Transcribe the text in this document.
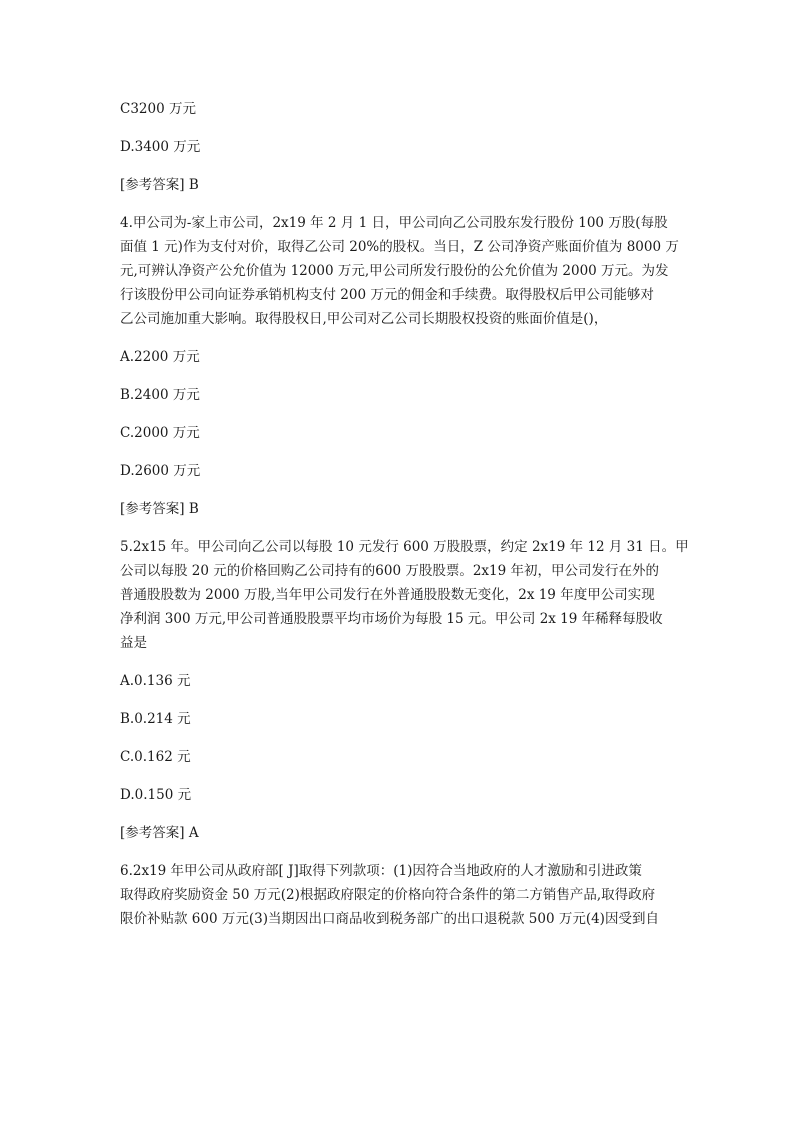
C3200 万元

D.3400 万元

[参考答案] B

4.甲公司为-家上市公司，2x19 年 2 月 1 日，甲公司向乙公司股东发行股份 100 万股(每股

面值 1 元)作为支付对价，取得乙公司 20%的股权。当日，Z 公司净资产账面价值为 8000 万

元,可辨认净资产公允价值为 12000 万元,甲公司所发行股份的公允价值为 2000 万元。为发

行该股份甲公司向证券承销机构支付 200 万元的佣金和手续费。取得股权后甲公司能够对

乙公司施加重大影响。取得股权日,甲公司对乙公司长期股权投资的账面价值是()，

A.2200 万元

B.2400 万元

C.2000 万元

D.2600 万元

[参考答案] B

5.2x15 年。甲公司向乙公司以每股 10 元发行 600 万股股票，约定 2x19 年 12 月 31 日。甲

公司以每股 20 元的价格回购乙公司持有的600 万股股票。2x19 年初，甲公司发行在外的

普通股股数为 2000 万股,当年甲公司发行在外普通股股数无变化，2x 19 年度甲公司实现

净利润 300 万元,甲公司普通股股票平均市场价为每股 15 元。甲公司 2x 19 年稀释每股收

益是

A.0.136 元

B.0.214 元

C.0.162 元

D.0.150 元

[参考答案] A

6.2x19 年甲公司从政府部[ J]取得下列款项：(1)因符合当地政府的人才激励和引进政策

取得政府奖励资金 50 万元(2)根据政府限定的价格向符合条件的第二方销售产品,取得政府

限价补贴款 600 万元(3)当期因出口商品收到税务部广的出口退税款 500 万元(4)因受到自
